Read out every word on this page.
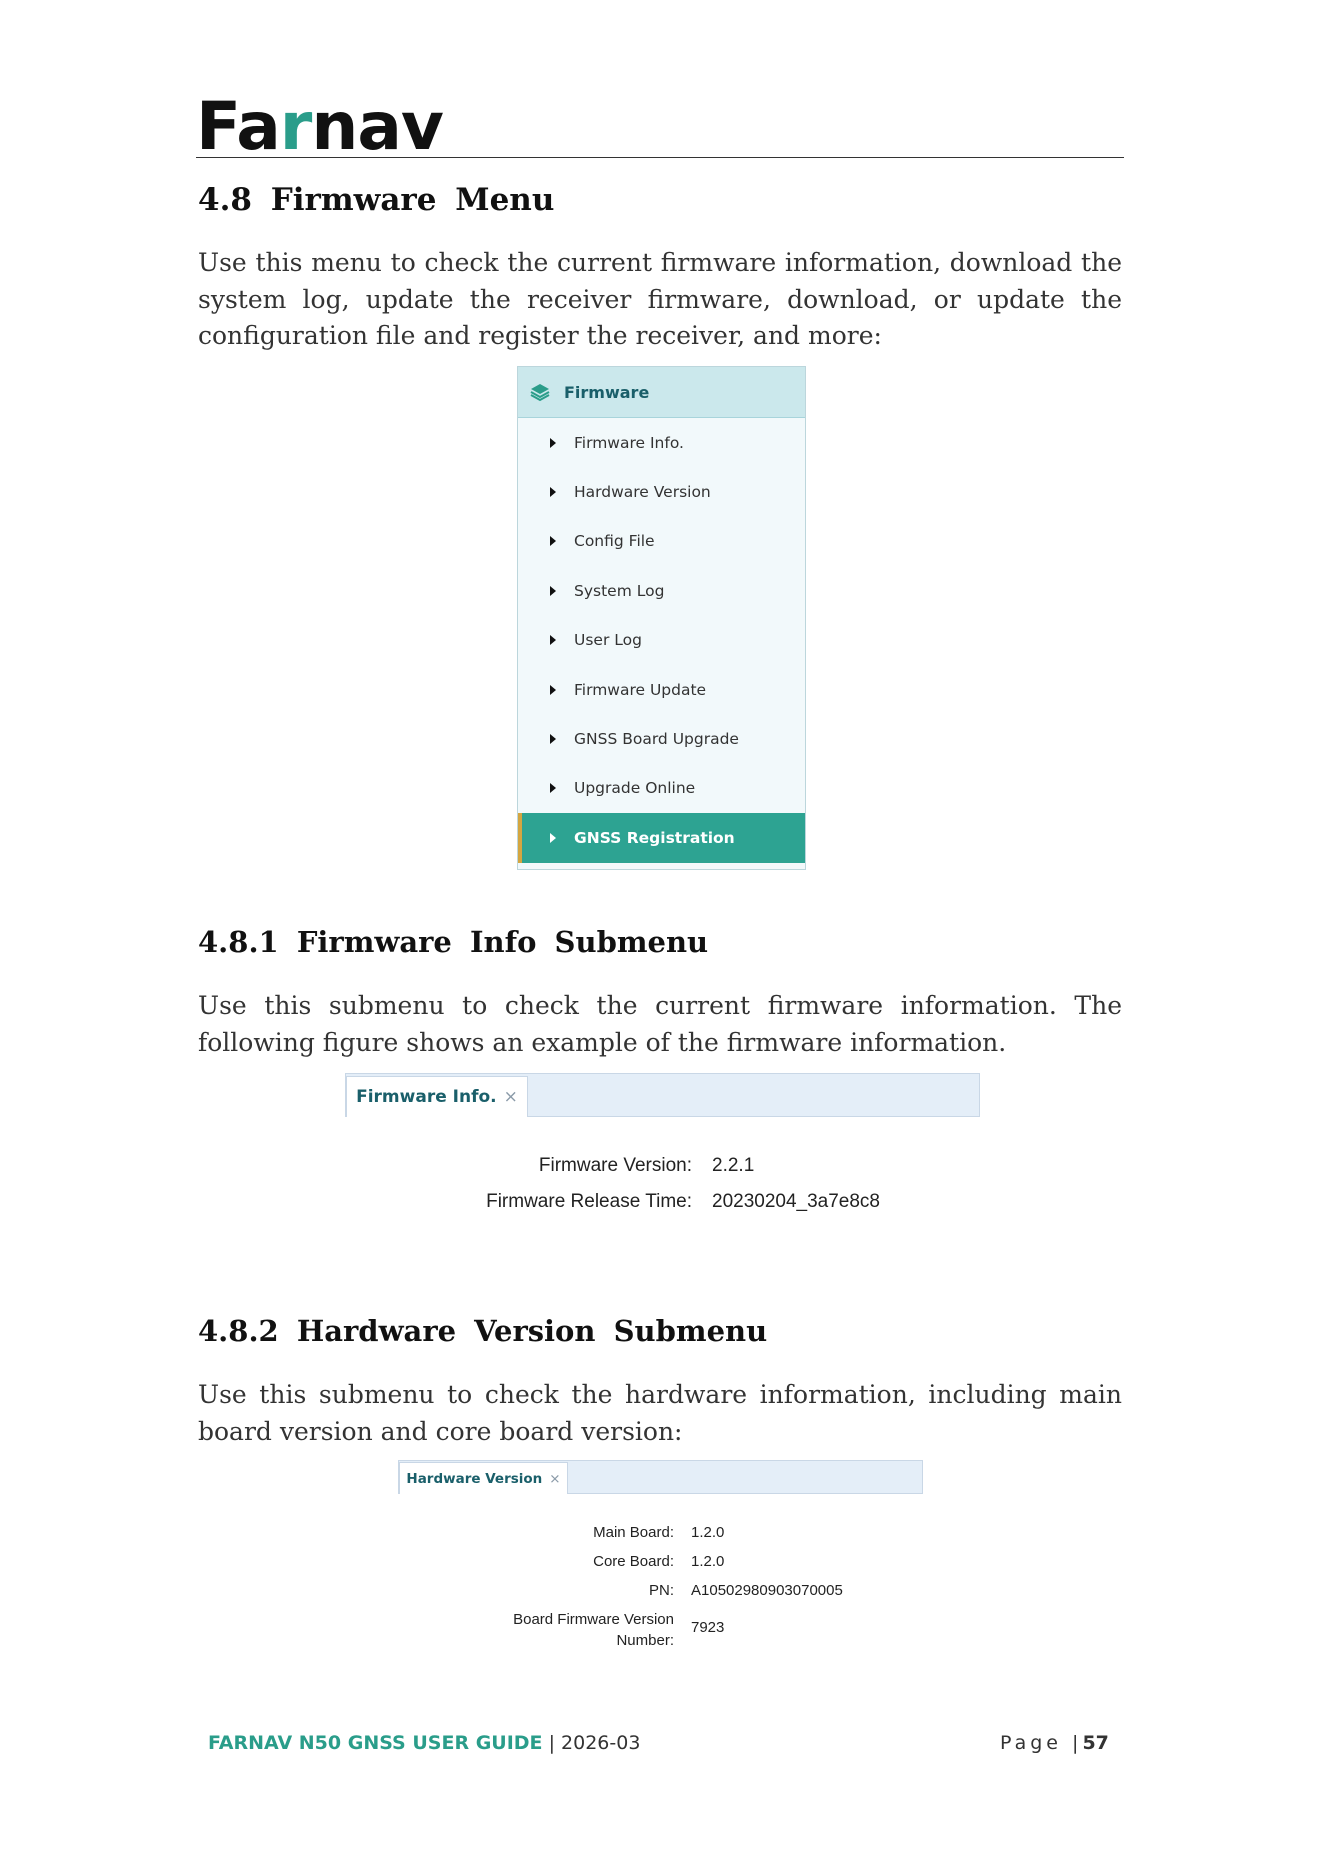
Farnav
4.8 Firmware Menu

Use this menu to check the current firmware information, download the system log, update the receiver firmware, download, or update the configuration file and register the receiver, and more:

Firmware
Firmware Info.
Hardware Version
Config File
System Log
User Log
Firmware Update
GNSS Board Upgrade
Upgrade Online
GNSS Registration
4.8.1 Firmware Info Submenu

Use this submenu to check the current firmware information. The following figure shows an example of the firmware information.

Firmware Info. ×
Firmware Version: 2.2.1
Firmware Release Time: 20230204_3a7e8c8
4.8.2 Hardware Version Submenu

Use this submenu to check the hardware information, including main board version and core board version:

Hardware Version ×
Main Board: 1.2.0
Core Board: 1.2.0
PN: A10502980903070005
Board Firmware Version
Number:
7923
FARNAV N50 GNSS USER GUIDE | 2026-03	Page |57
